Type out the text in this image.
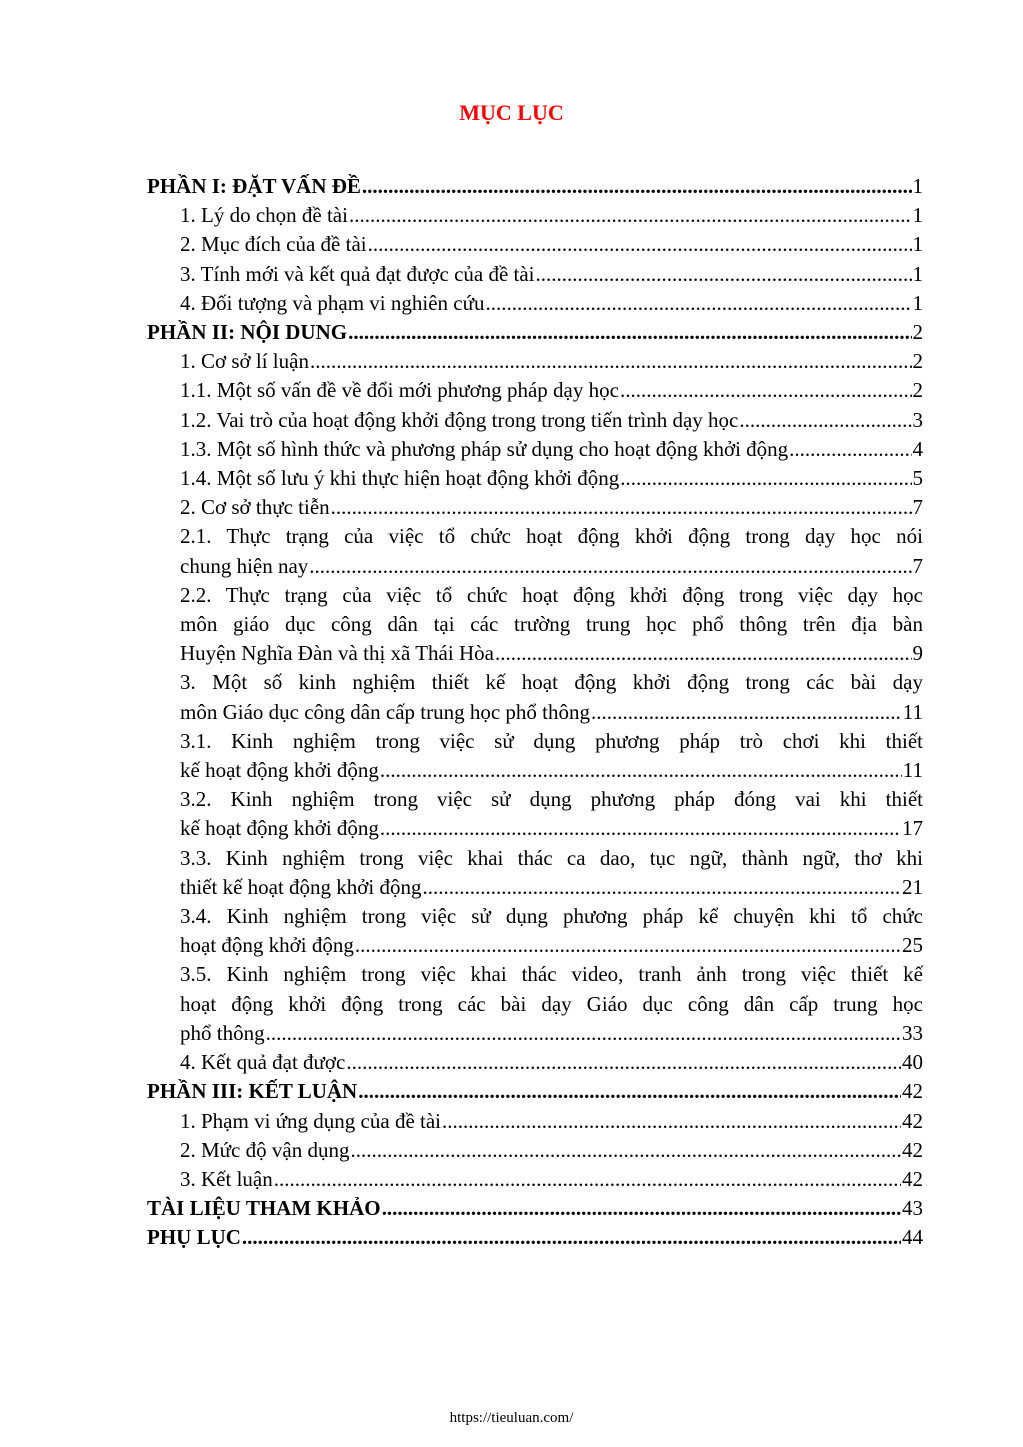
MỤC LỤC
PHẦN I: ĐẶT VẤN ĐỀ .....	1
1. Lý do chọn đề tài .....	1
2. Mục đích của đề tài .....	1
3. Tính mới và kết quả đạt được của đề tài .....	1
4. Đối tượng và phạm vi nghiên cứu .....	1
PHẦN II: NỘI DUNG .....	2
1. Cơ sở lí luận .....	2
1.1. Một số vấn đề về đổi mới phương pháp dạy học .....	2
1.2. Vai trò của hoạt động khởi động trong trong tiến trình dạy học .....	3
1.3. Một số hình thức và phương pháp sử dụng cho hoạt động khởi động .....	4
1.4. Một số lưu ý khi thực hiện hoạt động khởi động .....	5
2. Cơ sở thực tiễn .....	7
2.1. Thực trạng của việc tổ chức hoạt động khởi động trong dạy học nói
chung hiện nay .....	7
2.2. Thực trạng của việc tổ chức hoạt động khởi động trong việc dạy học
môn giáo dục công dân tại các trường trung học phổ thông trên địa bàn
Huyện Nghĩa Đàn và thị xã Thái Hòa .....	9
3. Một số kinh nghiệm thiết kế hoạt động khởi động trong các bài dạy
môn Giáo dục công dân cấp trung học phổ thông .....	11
3.1. Kinh nghiệm trong việc sử dụng phương pháp trò chơi khi thiết
kế hoạt động khởi động .....	11
3.2. Kinh nghiệm trong việc sử dụng phương pháp đóng vai khi thiết
kế hoạt động khởi động .....	17
3.3. Kinh nghiệm trong việc khai thác ca dao, tục ngữ, thành ngữ, thơ khi
thiết kế hoạt động khởi động .....	21
3.4. Kinh nghiệm trong việc sử dụng phương pháp kể chuyện khi tổ chức
hoạt động khởi động .....	25
3.5. Kinh nghiệm trong việc khai thác video, tranh ảnh trong việc thiết kế
hoạt động khởi động trong các bài dạy Giáo dục công dân cấp trung học
phổ thông .....	33
4. Kết quả đạt được .....	40
PHẦN III: KẾT LUẬN .....	42
1. Phạm vi ứng dụng của đề tài .....	42
2. Mức độ vận dụng .....	42
3. Kết luận .....	42
TÀI LIỆU THAM KHẢO .....	43
PHỤ LỤC .....	44
https://tieuluan.com/
